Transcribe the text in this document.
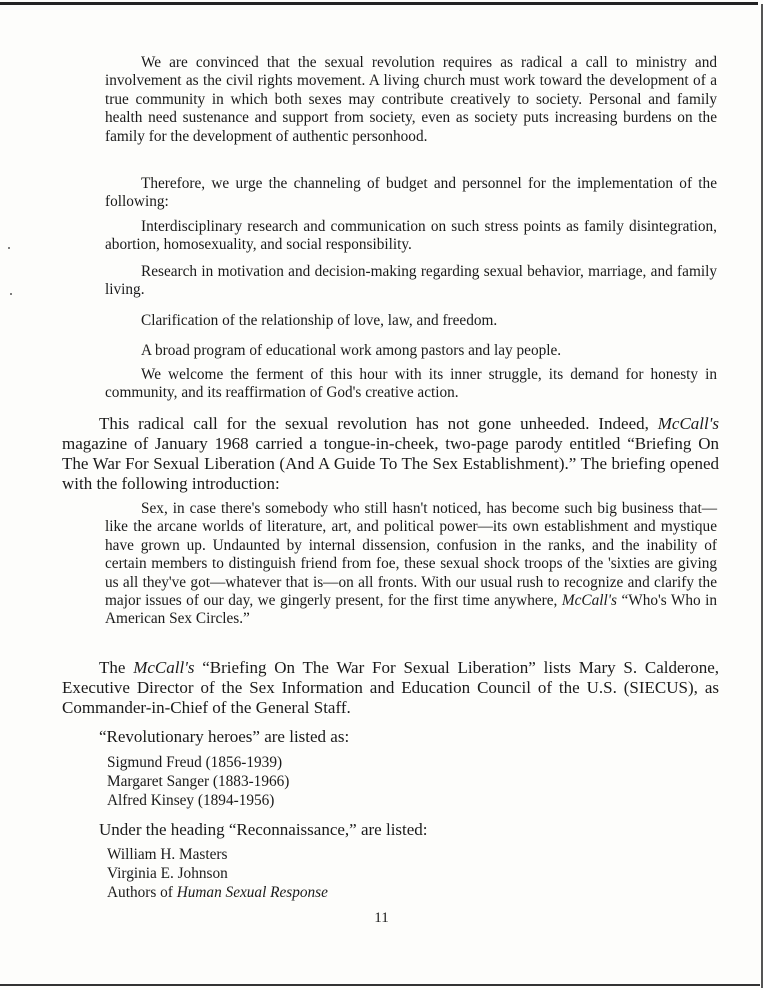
We are convinced that the sexual revolution requires as radical a call to ministry and involvement as the civil rights movement. A living church must work toward the development of a true community in which both sexes may contribute creatively to society. Personal and family health need sustenance and support from society, even as society puts increasing burdens on the family for the development of authentic personhood.

Therefore, we urge the channeling of budget and personnel for the implementation of the following:

Interdisciplinary research and communication on such stress points as family disintegration, abortion, homosexuality, and social responsibility.

Research in motivation and decision-making regarding sexual behavior, marriage, and family living.

Clarification of the relationship of love, law, and freedom.

A broad program of educational work among pastors and lay people.

We welcome the ferment of this hour with its inner struggle, its demand for honesty in community, and its reaffirmation of God's creative action.

This radical call for the sexual revolution has not gone unheeded. Indeed, McCall's magazine of January 1968 carried a tongue-in-cheek, two-page parody entitled “Briefing On The War For Sexual Liberation (And A Guide To The Sex Establishment).” The briefing opened with the following introduction:

Sex, in case there's somebody who still hasn't noticed, has become such big business that—like the arcane worlds of literature, art, and political power—its own establishment and mystique have grown up. Undaunted by internal dissension, confusion in the ranks, and the inability of certain members to distinguish friend from foe, these sexual shock troops of the 'sixties are giving us all they've got—whatever that is—on all fronts. With our usual rush to recognize and clarify the major issues of our day, we gingerly present, for the first time anywhere, McCall's “Who's Who in American Sex Circles.”

The McCall's “Briefing On The War For Sexual Liberation” lists Mary S. Calderone, Executive Director of the Sex Information and Education Council of the U.S. (SIECUS), as Commander-in-Chief of the General Staff.

“Revolutionary heroes” are listed as:

Sigmund Freud (1856-1939)
Margaret Sanger (1883-1966)
Alfred Kinsey (1894-1956)

Under the heading “Reconnaissance,” are listed:

William H. Masters
Virginia E. Johnson
Authors of Human Sexual Response
11
